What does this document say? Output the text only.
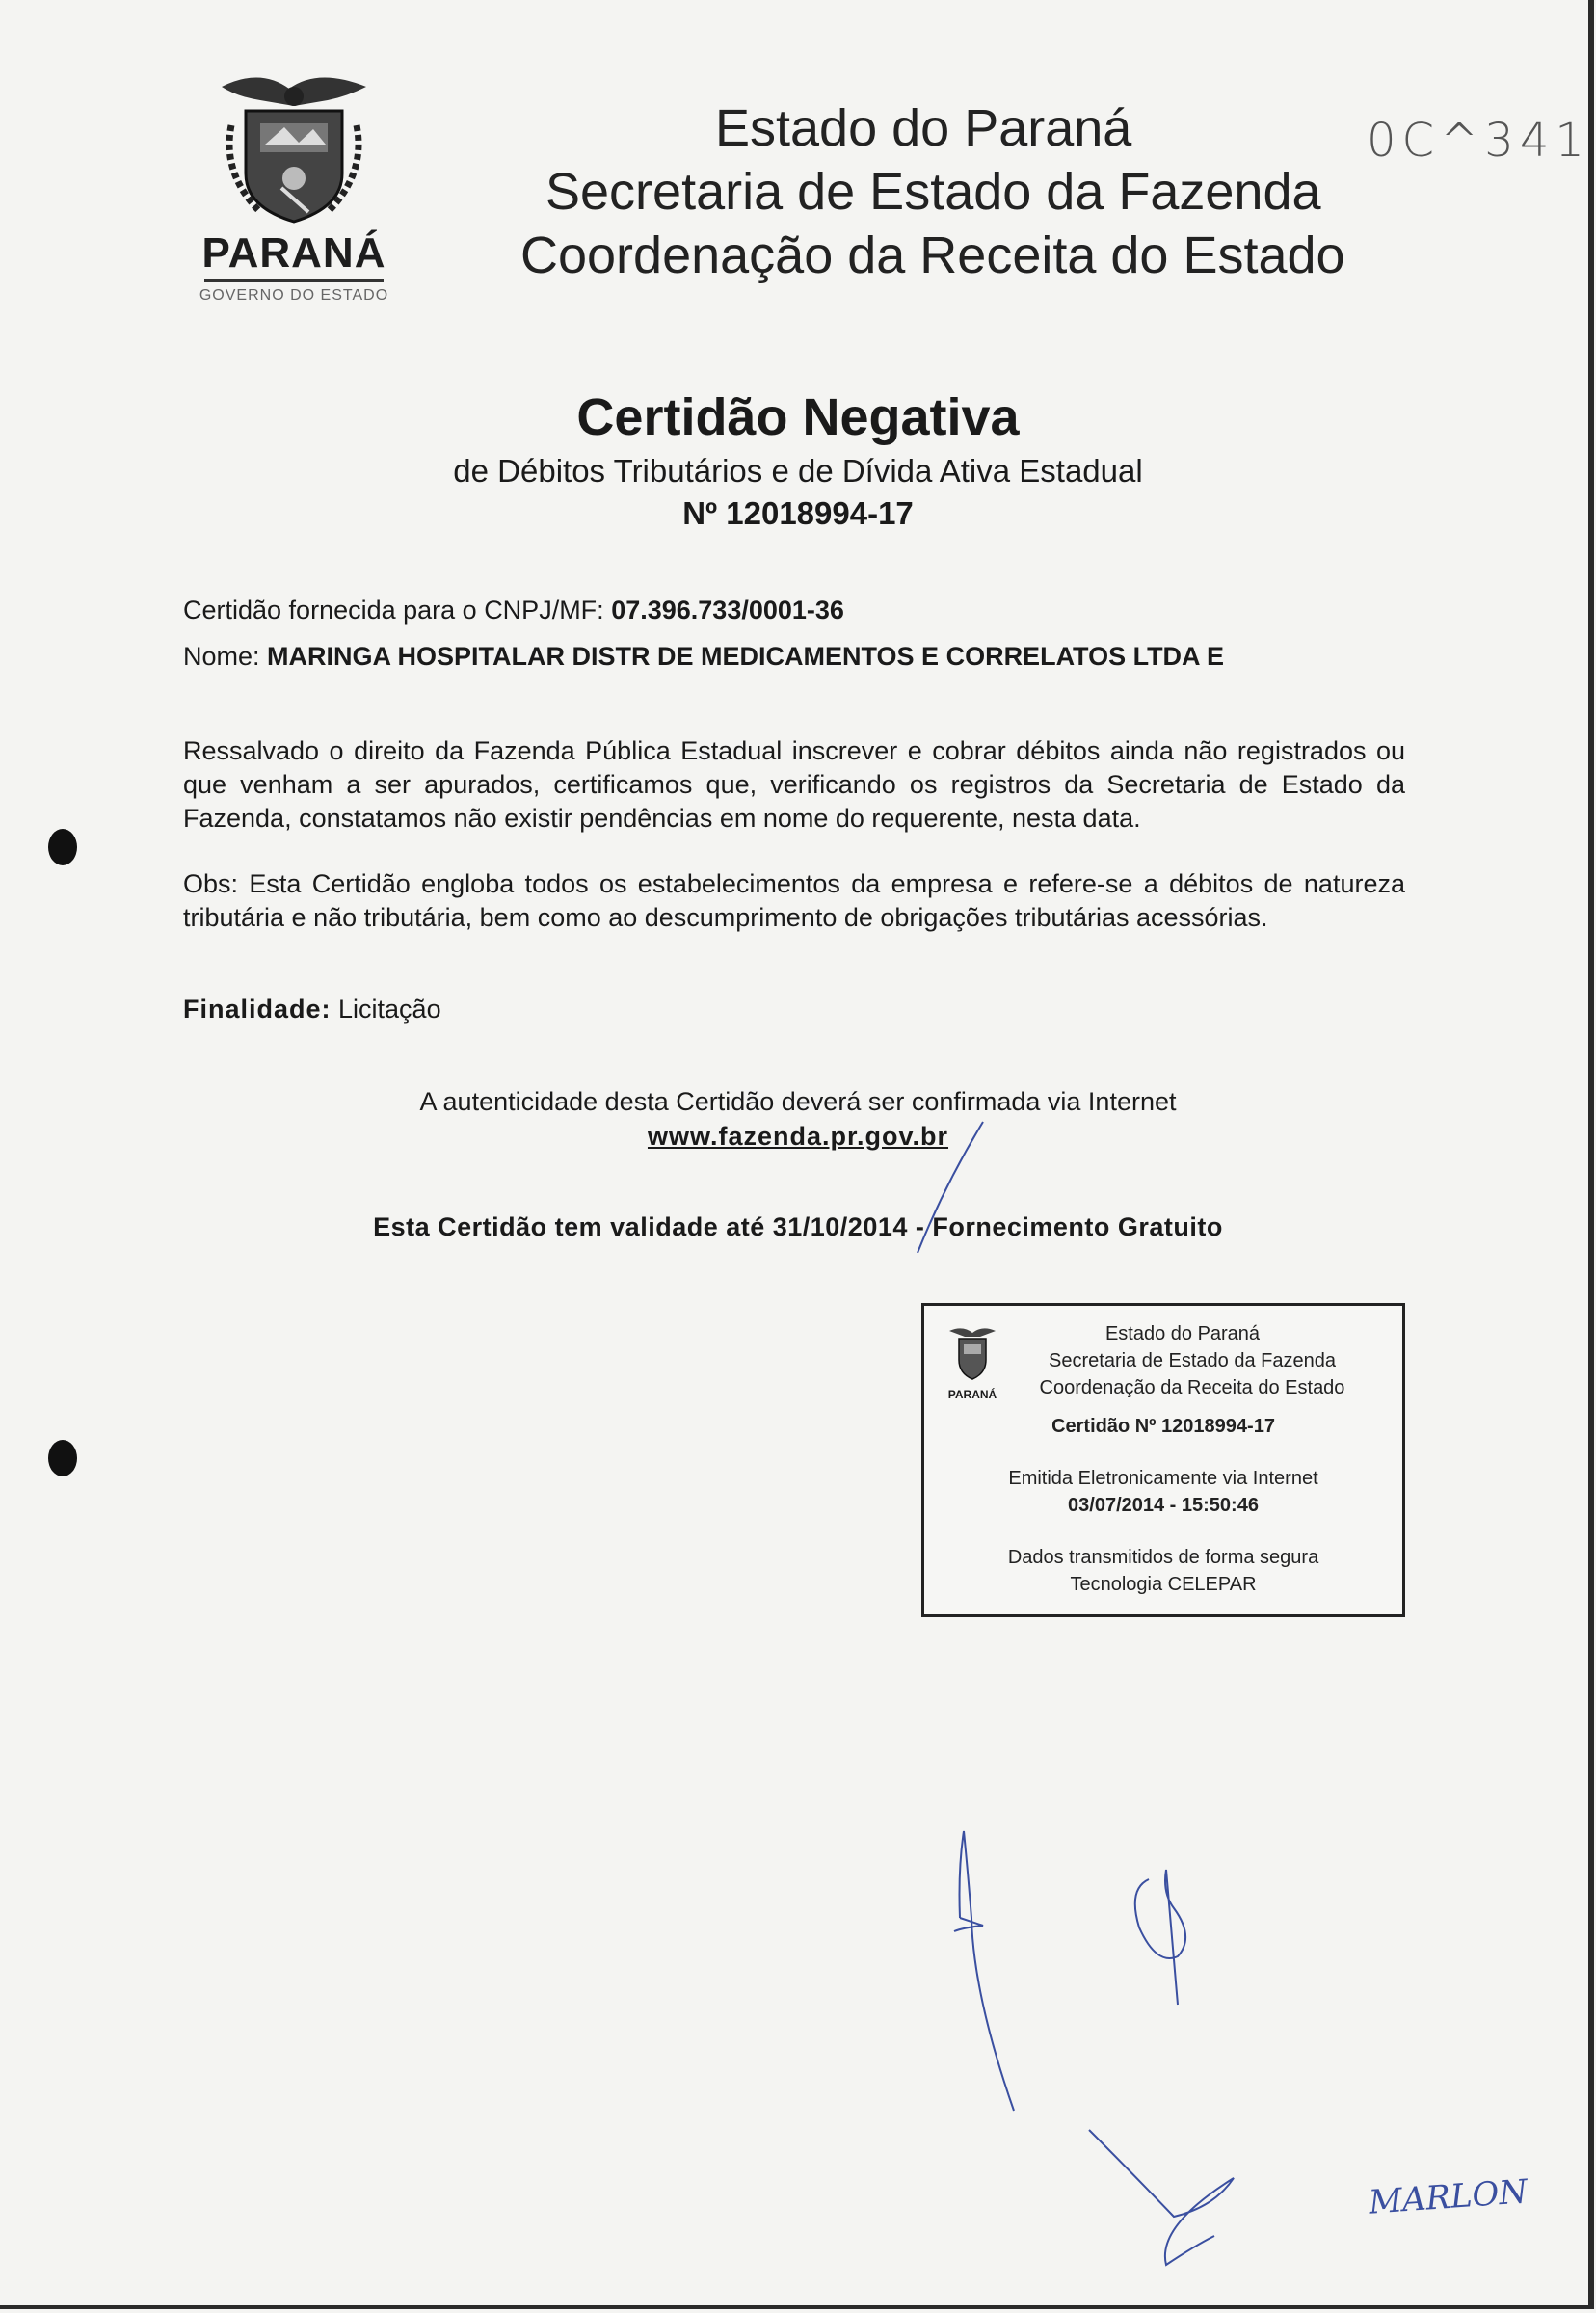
PARANÁ
GOVERNO DO ESTADO
Estado do Paraná
Secretaria de Estado da Fazenda
Coordenação da Receita do Estado
0C^341
Certidão Negativa
de Débitos Tributários e de Dívida Ativa Estadual
Nº 12018994-17
Certidão fornecida para o CNPJ/MF: 07.396.733/0001-36
Nome: MARINGA HOSPITALAR DISTR DE MEDICAMENTOS E CORRELATOS LTDA E
Ressalvado o direito da Fazenda Pública Estadual inscrever e cobrar débitos ainda não registrados ou que venham a ser apurados, certificamos que, verificando os registros da Secretaria de Estado da Fazenda, constatamos não existir pendências em nome do requerente, nesta data.
Obs: Esta Certidão engloba todos os estabelecimentos da empresa e refere-se a débitos de natureza tributária e não tributária, bem como ao descumprimento de obrigações tributárias acessórias.
Finalidade: Licitação
A autenticidade desta Certidão deverá ser confirmada via Internet
www.fazenda.pr.gov.br
Esta Certidão tem validade até 31/10/2014 - Fornecimento Gratuito
PARANÁ
Estado do Paraná
Secretaria de Estado da Fazenda
Coordenação da Receita do Estado
Certidão Nº 12018994-17
Emitida Eletronicamente via Internet
03/07/2014 - 15:50:46
Dados transmitidos de forma segura
Tecnologia CELEPAR
MARLON
